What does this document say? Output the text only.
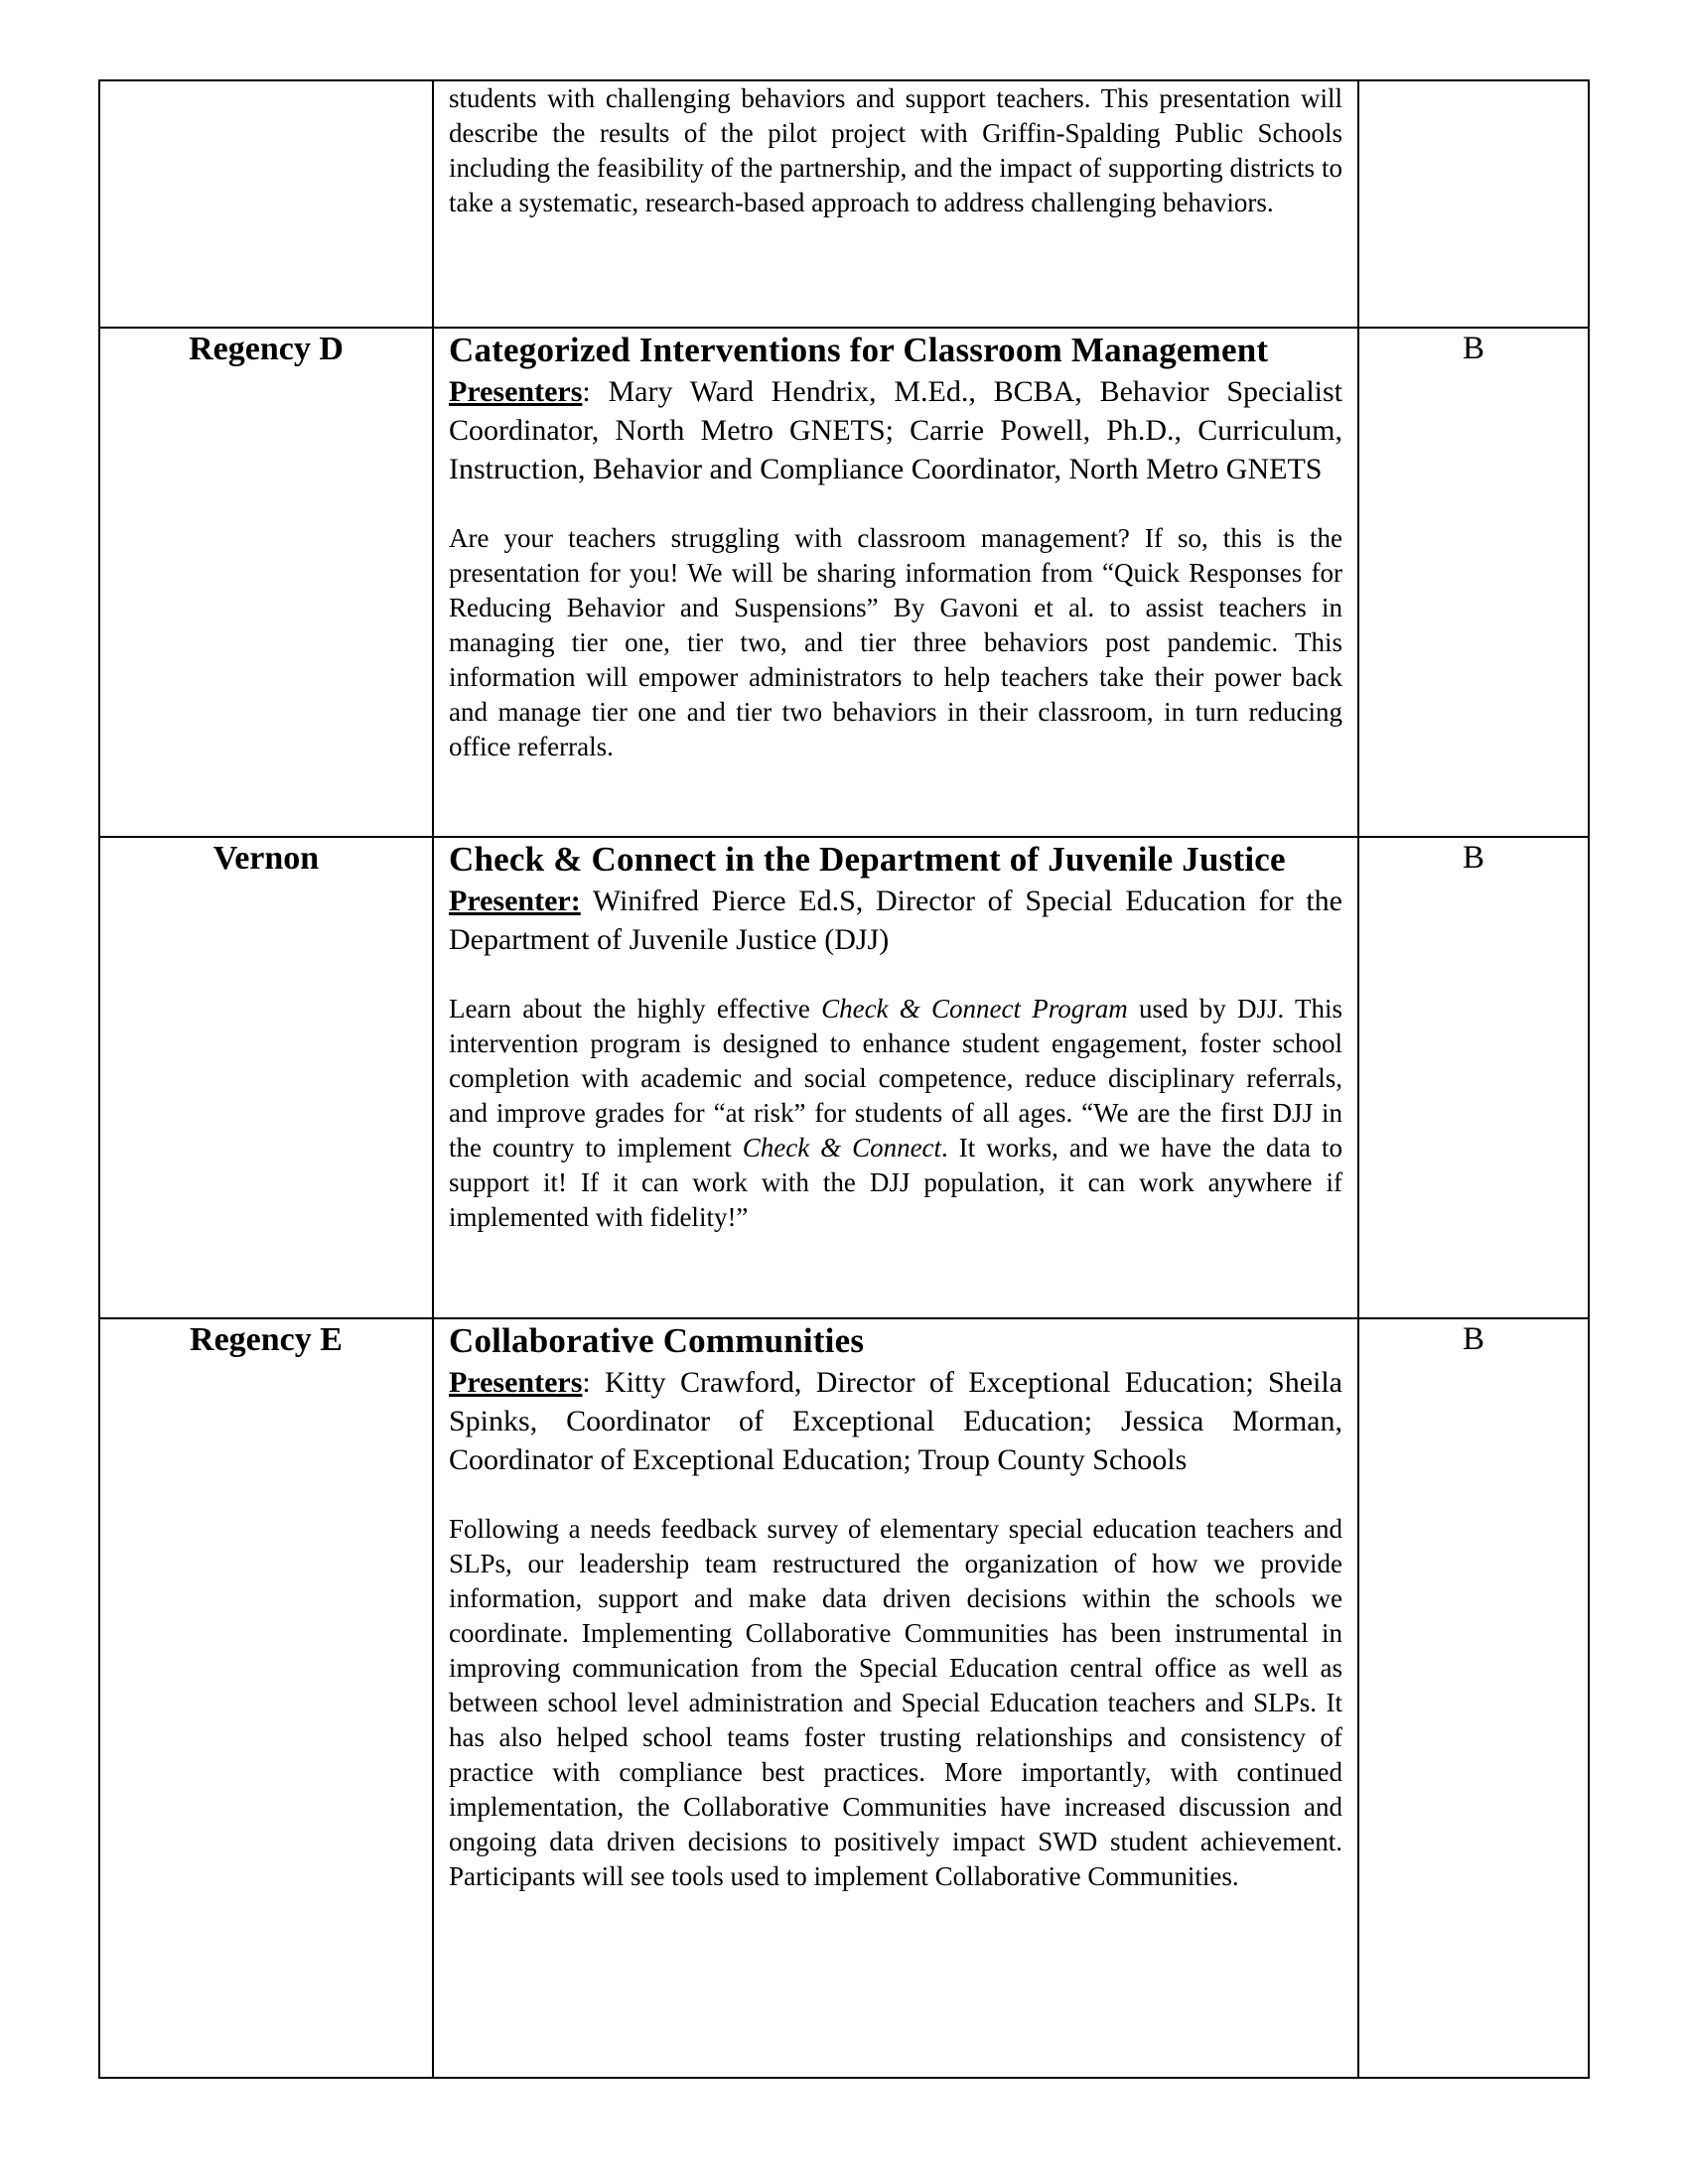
	students with challenging behaviors and support teachers. This presentation will describe the results of the pilot project with Griffin-Spalding Public Schools including the feasibility of the partnership, and the impact of supporting districts to take a systematic, research-based approach to address challenging behaviors.	

Regency D	Categorized Interventions for Classroom Management

Presenters: Mary Ward Hendrix, M.Ed., BCBA, Behavior Specialist Coordinator, North Metro GNETS; Carrie Powell, Ph.D., Curriculum, Instruction, Behavior and Compliance Coordinator, North Metro GNETS

Are your teachers struggling with classroom management? If so, this is the presentation for you! We will be sharing information from “Quick Responses for Reducing Behavior and Suspensions” By Gavoni et al. to assist teachers in managing tier one, tier two, and tier three behaviors post pandemic. This information will empower administrators to help teachers take their power back and manage tier one and tier two behaviors in their classroom, in turn reducing office referrals.	B
Vernon	Check & Connect in the Department of Juvenile Justice

Presenter: Winifred Pierce Ed.S, Director of Special Education for the Department of Juvenile Justice (DJJ)

Learn about the highly effective Check & Connect Program used by DJJ. This intervention program is designed to enhance student engagement, foster school completion with academic and social competence, reduce disciplinary referrals, and improve grades for “at risk” for students of all ages. “We are the first DJJ in the country to implement Check & Connect. It works, and we have the data to support it! If it can work with the DJJ population, it can work anywhere if implemented with fidelity!”	B
Regency E	Collaborative Communities

Presenters: Kitty Crawford, Director of Exceptional Education; Sheila Spinks, Coordinator of Exceptional Education; Jessica Morman, Coordinator of Exceptional Education; Troup County Schools

Following a needs feedback survey of elementary special education teachers and SLPs, our leadership team restructured the organization of how we provide information, support and make data driven decisions within the schools we coordinate. Implementing Collaborative Communities has been instrumental in improving communication from the Special Education central office as well as between school level administration and Special Education teachers and SLPs. It has also helped school teams foster trusting relationships and consistency of practice with compliance best practices. More importantly, with continued implementation, the Collaborative Communities have increased discussion and ongoing data driven decisions to positively impact SWD student achievement. Participants will see tools used to implement Collaborative Communities.	B
